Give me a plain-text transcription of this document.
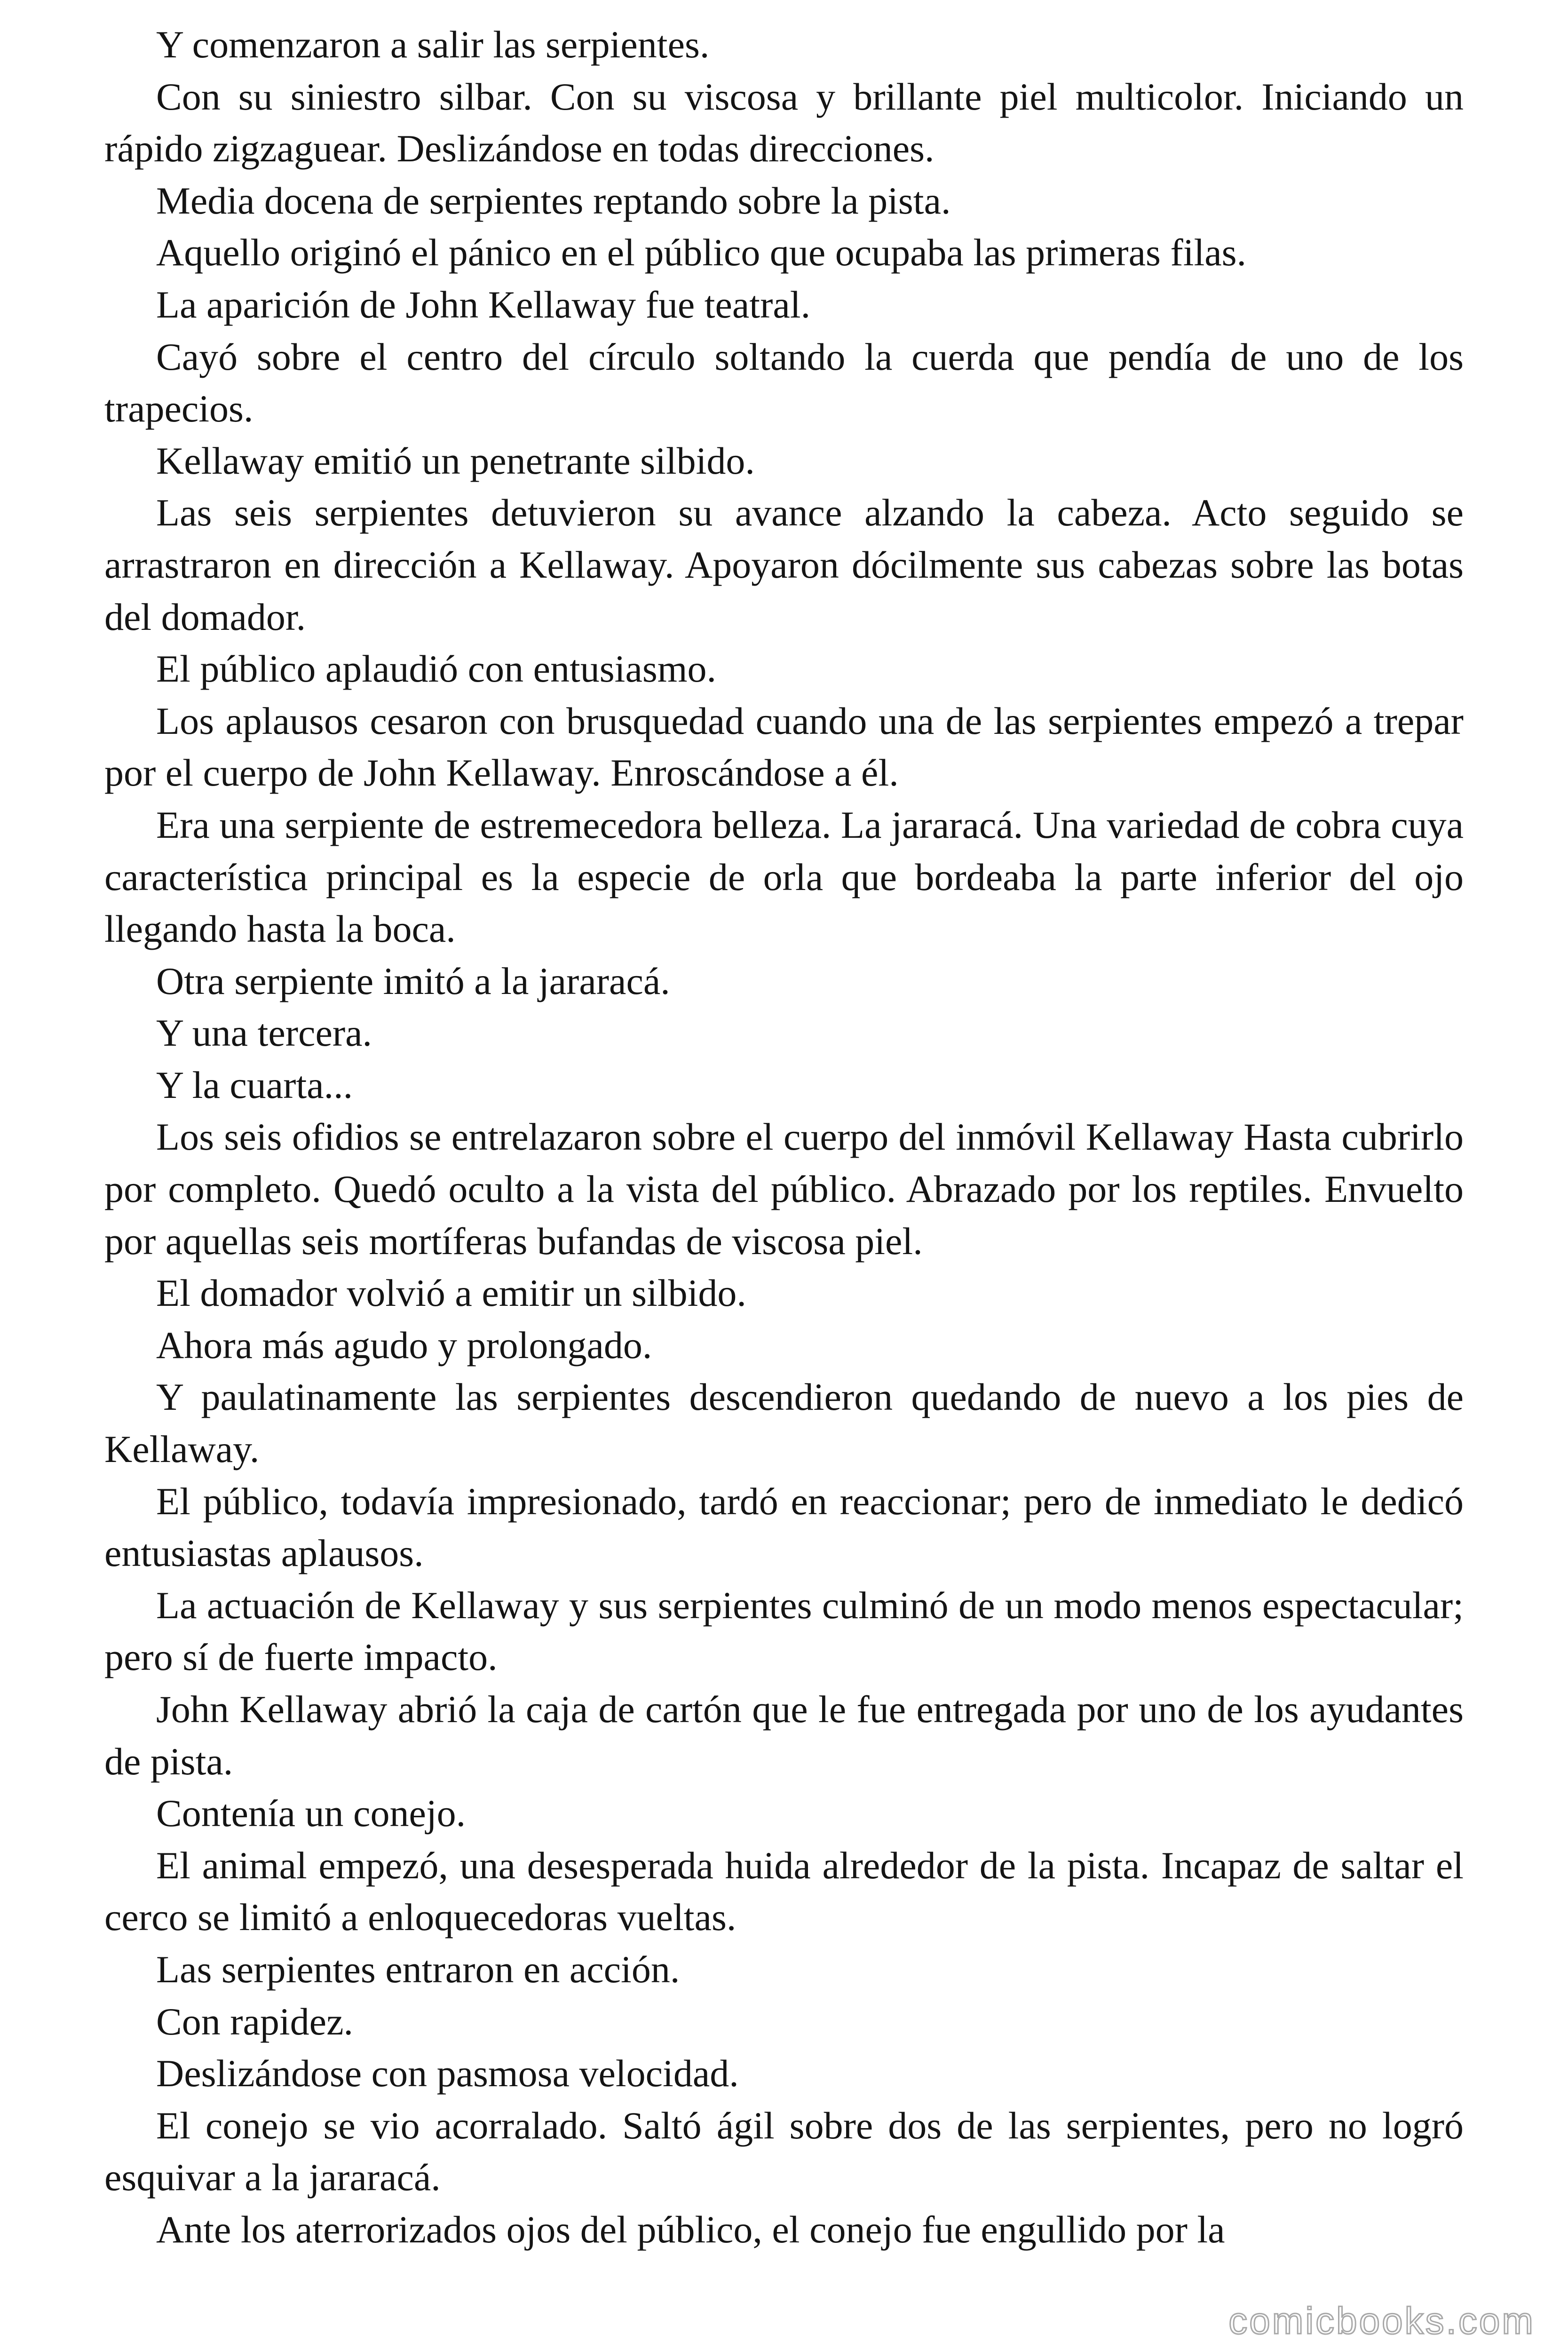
Y comenzaron a salir las serpientes.

Con su siniestro silbar. Con su viscosa y brillante piel multicolor. Iniciando un rápido zigzaguear. Deslizándose en todas direcciones.

Media docena de serpientes reptando sobre la pista.

Aquello originó el pánico en el público que ocupaba las primeras filas.

La aparición de John Kellaway fue teatral.

Cayó sobre el centro del círculo soltando la cuerda que pendía de uno de los trapecios.

Kellaway emitió un penetrante silbido.

Las seis serpientes detuvieron su avance alzando la cabeza. Acto seguido se arrastraron en dirección a Kellaway. Apoyaron dócilmente sus cabezas sobre las botas del domador.

El público aplaudió con entusiasmo.

Los aplausos cesaron con brusquedad cuando una de las serpientes empezó a trepar por el cuerpo de John Kellaway. Enroscándose a él.

Era una serpiente de estremecedora belleza. La jararacá. Una variedad de cobra cuya característica principal es la especie de orla que bordeaba la parte inferior del ojo llegando hasta la boca.

Otra serpiente imitó a la jararacá.

Y una tercera.

Y la cuarta...

Los seis ofidios se entrelazaron sobre el cuerpo del inmóvil Kellaway Hasta cubrirlo por completo. Quedó oculto a la vista del público. Abrazado por los reptiles. Envuelto por aquellas seis mortíferas bufandas de viscosa piel.

El domador volvió a emitir un silbido.

Ahora más agudo y prolongado.

Y paulatinamente las serpientes descendieron quedando de nuevo a los pies de Kellaway.

El público, todavía impresionado, tardó en reaccionar; pero de inmediato le dedicó entusiastas aplausos.

La actuación de Kellaway y sus serpientes culminó de un modo menos espectacular; pero sí de fuerte impacto.

John Kellaway abrió la caja de cartón que le fue entregada por uno de los ayudantes de pista.

Contenía un conejo.

El animal empezó, una desesperada huida alrededor de la pista. Incapaz de saltar el cerco se limitó a enloquecedoras vueltas.

Las serpientes entraron en acción.

Con rapidez.

Deslizándose con pasmosa velocidad.

El conejo se vio acorralado. Saltó ágil sobre dos de las serpientes, pero no logró esquivar a la jararacá.

Ante los aterrorizados ojos del público, el conejo fue engullido por la

comicbooks.com
